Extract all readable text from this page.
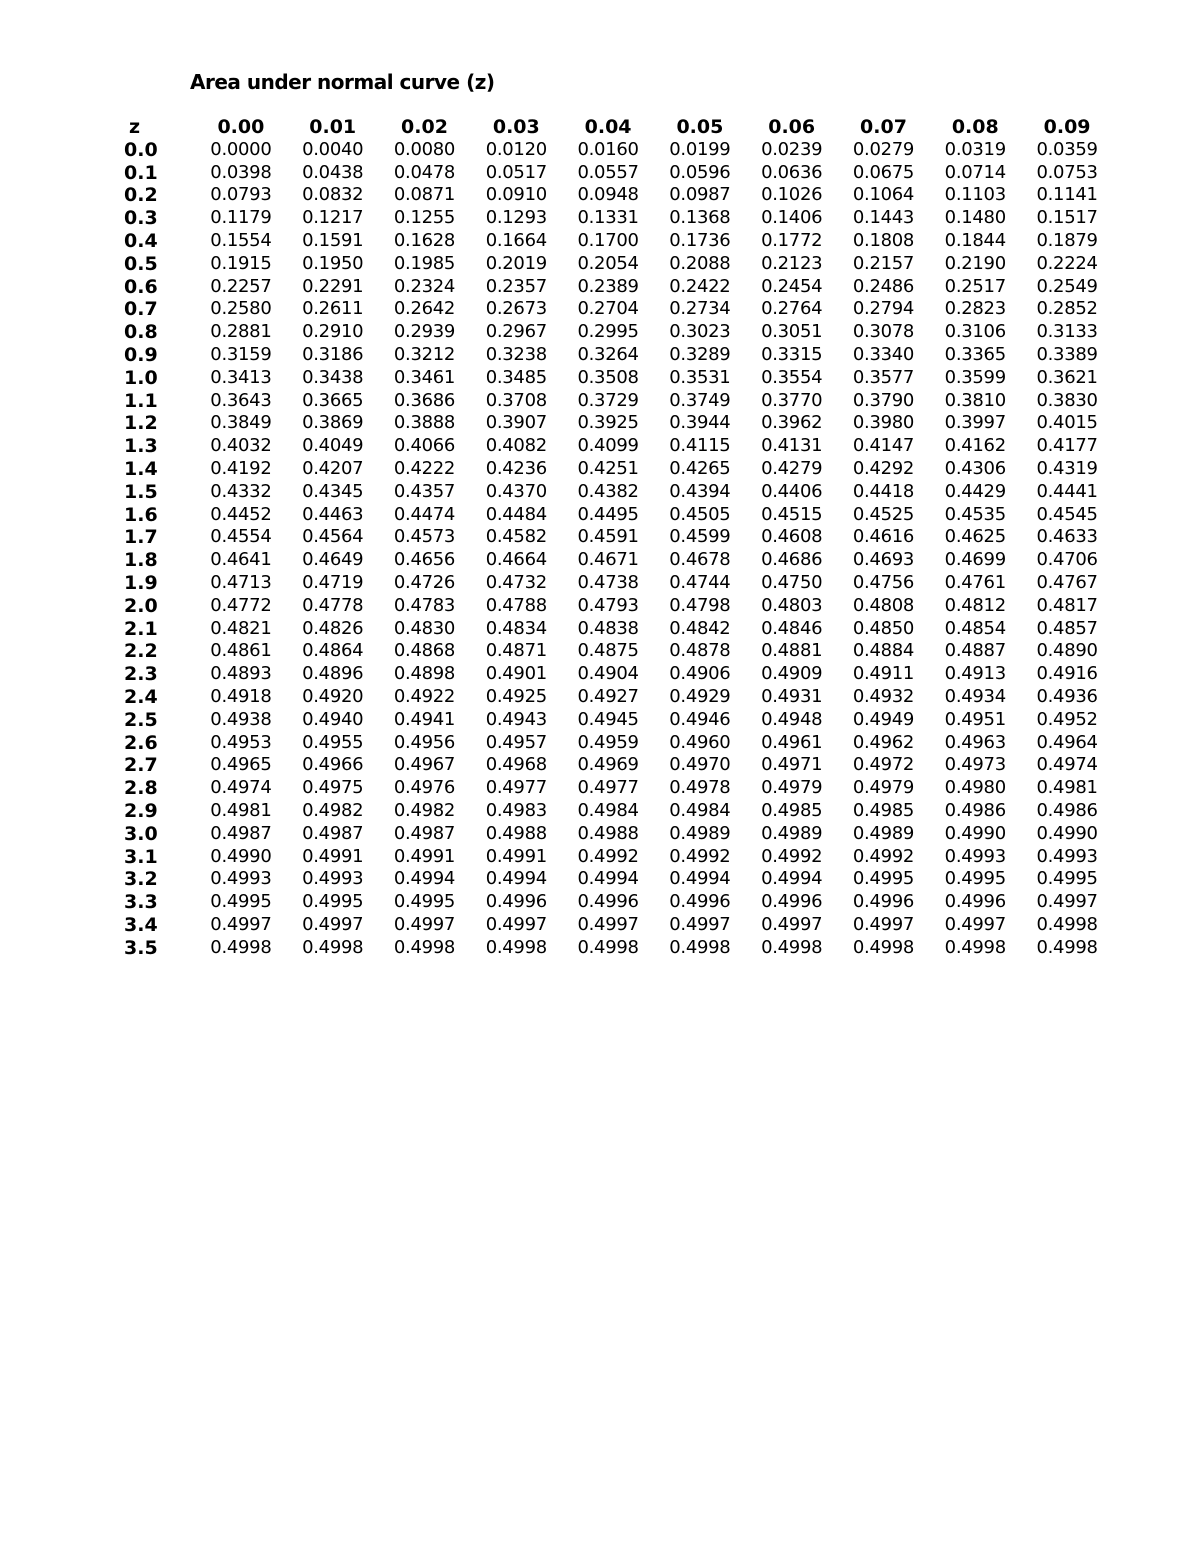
Area under normal curve (z)
z	0.00	0.01	0.02	0.03	0.04	0.05	0.06	0.07	0.08	0.09
0.0	0.0000	0.0040	0.0080	0.0120	0.0160	0.0199	0.0239	0.0279	0.0319	0.0359
0.1	0.0398	0.0438	0.0478	0.0517	0.0557	0.0596	0.0636	0.0675	0.0714	0.0753
0.2	0.0793	0.0832	0.0871	0.0910	0.0948	0.0987	0.1026	0.1064	0.1103	0.1141
0.3	0.1179	0.1217	0.1255	0.1293	0.1331	0.1368	0.1406	0.1443	0.1480	0.1517
0.4	0.1554	0.1591	0.1628	0.1664	0.1700	0.1736	0.1772	0.1808	0.1844	0.1879
0.5	0.1915	0.1950	0.1985	0.2019	0.2054	0.2088	0.2123	0.2157	0.2190	0.2224
0.6	0.2257	0.2291	0.2324	0.2357	0.2389	0.2422	0.2454	0.2486	0.2517	0.2549
0.7	0.2580	0.2611	0.2642	0.2673	0.2704	0.2734	0.2764	0.2794	0.2823	0.2852
0.8	0.2881	0.2910	0.2939	0.2967	0.2995	0.3023	0.3051	0.3078	0.3106	0.3133
0.9	0.3159	0.3186	0.3212	0.3238	0.3264	0.3289	0.3315	0.3340	0.3365	0.3389
1.0	0.3413	0.3438	0.3461	0.3485	0.3508	0.3531	0.3554	0.3577	0.3599	0.3621
1.1	0.3643	0.3665	0.3686	0.3708	0.3729	0.3749	0.3770	0.3790	0.3810	0.3830
1.2	0.3849	0.3869	0.3888	0.3907	0.3925	0.3944	0.3962	0.3980	0.3997	0.4015
1.3	0.4032	0.4049	0.4066	0.4082	0.4099	0.4115	0.4131	0.4147	0.4162	0.4177
1.4	0.4192	0.4207	0.4222	0.4236	0.4251	0.4265	0.4279	0.4292	0.4306	0.4319
1.5	0.4332	0.4345	0.4357	0.4370	0.4382	0.4394	0.4406	0.4418	0.4429	0.4441
1.6	0.4452	0.4463	0.4474	0.4484	0.4495	0.4505	0.4515	0.4525	0.4535	0.4545
1.7	0.4554	0.4564	0.4573	0.4582	0.4591	0.4599	0.4608	0.4616	0.4625	0.4633
1.8	0.4641	0.4649	0.4656	0.4664	0.4671	0.4678	0.4686	0.4693	0.4699	0.4706
1.9	0.4713	0.4719	0.4726	0.4732	0.4738	0.4744	0.4750	0.4756	0.4761	0.4767
2.0	0.4772	0.4778	0.4783	0.4788	0.4793	0.4798	0.4803	0.4808	0.4812	0.4817
2.1	0.4821	0.4826	0.4830	0.4834	0.4838	0.4842	0.4846	0.4850	0.4854	0.4857
2.2	0.4861	0.4864	0.4868	0.4871	0.4875	0.4878	0.4881	0.4884	0.4887	0.4890
2.3	0.4893	0.4896	0.4898	0.4901	0.4904	0.4906	0.4909	0.4911	0.4913	0.4916
2.4	0.4918	0.4920	0.4922	0.4925	0.4927	0.4929	0.4931	0.4932	0.4934	0.4936
2.5	0.4938	0.4940	0.4941	0.4943	0.4945	0.4946	0.4948	0.4949	0.4951	0.4952
2.6	0.4953	0.4955	0.4956	0.4957	0.4959	0.4960	0.4961	0.4962	0.4963	0.4964
2.7	0.4965	0.4966	0.4967	0.4968	0.4969	0.4970	0.4971	0.4972	0.4973	0.4974
2.8	0.4974	0.4975	0.4976	0.4977	0.4977	0.4978	0.4979	0.4979	0.4980	0.4981
2.9	0.4981	0.4982	0.4982	0.4983	0.4984	0.4984	0.4985	0.4985	0.4986	0.4986
3.0	0.4987	0.4987	0.4987	0.4988	0.4988	0.4989	0.4989	0.4989	0.4990	0.4990
3.1	0.4990	0.4991	0.4991	0.4991	0.4992	0.4992	0.4992	0.4992	0.4993	0.4993
3.2	0.4993	0.4993	0.4994	0.4994	0.4994	0.4994	0.4994	0.4995	0.4995	0.4995
3.3	0.4995	0.4995	0.4995	0.4996	0.4996	0.4996	0.4996	0.4996	0.4996	0.4997
3.4	0.4997	0.4997	0.4997	0.4997	0.4997	0.4997	0.4997	0.4997	0.4997	0.4998
3.5	0.4998	0.4998	0.4998	0.4998	0.4998	0.4998	0.4998	0.4998	0.4998	0.4998
